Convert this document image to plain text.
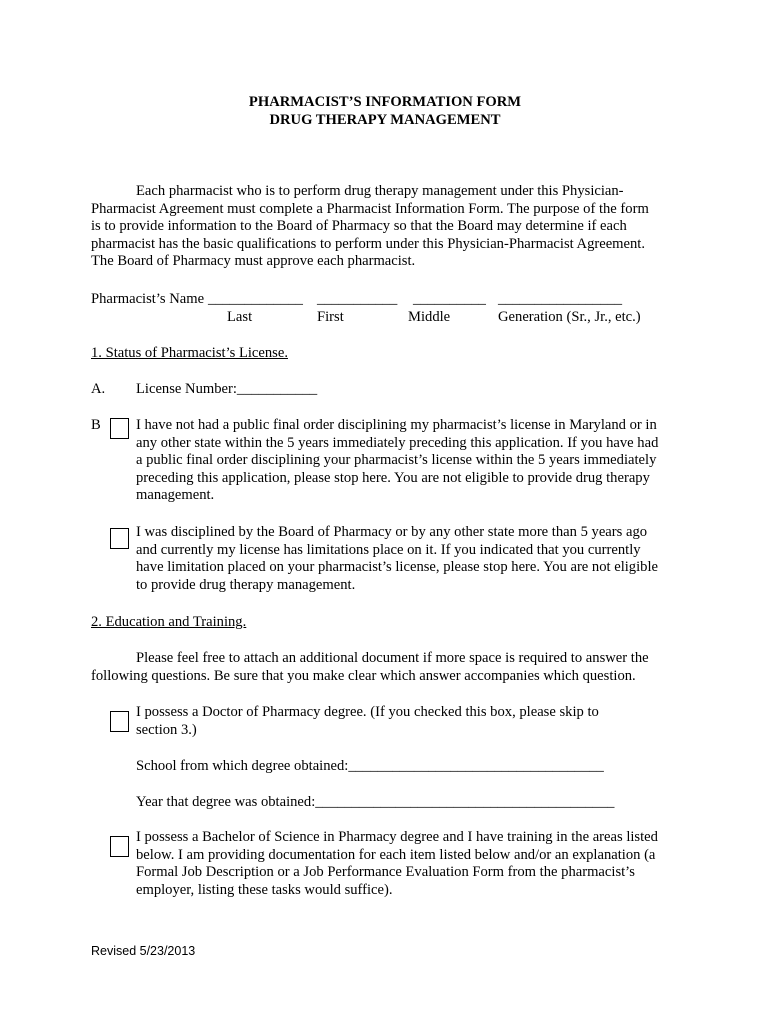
PHARMACIST’S INFORMATION FORM
DRUG THERAPY MANAGEMENT
Each pharmacist who is to perform drug therapy management under this Physician-
Pharmacist Agreement must complete a Pharmacist Information Form. The purpose of the form
is to provide information to the Board of Pharmacy so that the Board may determine if each
pharmacist has the basic qualifications to perform under this Physician-Pharmacist Agreement.
The Board of Pharmacy must approve each pharmacist.
Pharmacist’s Name _____________ ___________ __________ _________________
Last	First	Middle	Generation (Sr., Jr., etc.)
1. Status of Pharmacist’s License.
A. License Number:___________
B I have not had a public final order disciplining my pharmacist’s license in Maryland or in
any other state within the 5 years immediately preceding this application. If you have had
a public final order disciplining your pharmacist’s license within the 5 years immediately
preceding this application, please stop here. You are not eligible to provide drug therapy
management.
I was disciplined by the Board of Pharmacy or by any other state more than 5 years ago
and currently my license has limitations place on it. If you indicated that you currently
have limitation placed on your pharmacist’s license, please stop here. You are not eligible
to provide drug therapy management.
2. Education and Training.
Please feel free to attach an additional document if more space is required to answer the
following questions. Be sure that you make clear which answer accompanies which question.
I possess a Doctor of Pharmacy degree. (If you checked this box, please skip to
section 3.)
School from which degree obtained:___________________________________
Year that degree was obtained:_________________________________________
I possess a Bachelor of Science in Pharmacy degree and I have training in the areas listed
below. I am providing documentation for each item listed below and/or an explanation (a
Formal Job Description or a Job Performance Evaluation Form from the pharmacist’s
employer, listing these tasks would suffice).
Revised 5/23/2013
